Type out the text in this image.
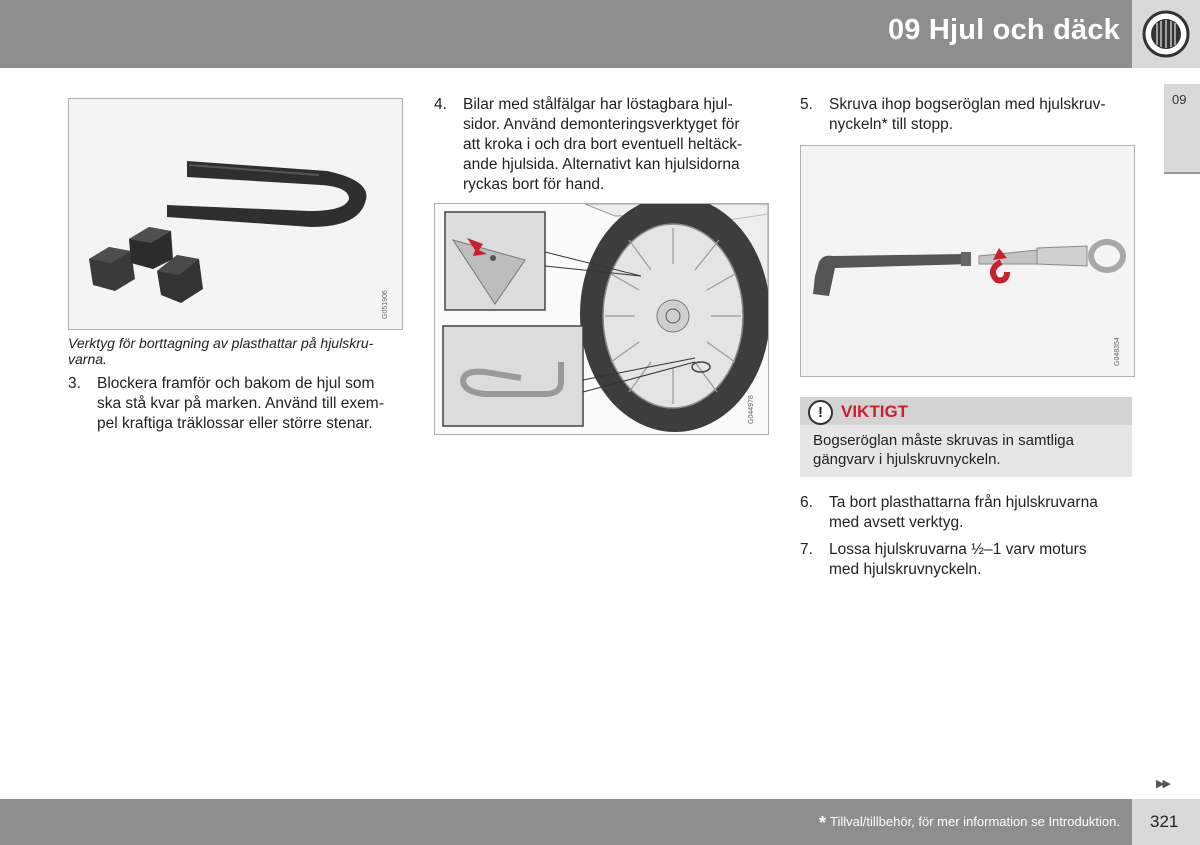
09 Hjul och däck
09
G051906
Verktyg för borttagning av plasthattar på hjulskru-
varna.
3. Blockera framför och bakom de hjul som
ska stå kvar på marken. Använd till exem-
pel kraftiga träklossar eller större stenar.
4. Bilar med stålfälgar har löstagbara hjul-
sidor. Använd demonteringsverktyget för
att kroka i och dra bort eventuell heltäck-
ande hjulsida. Alternativt kan hjulsidorna
ryckas bort för hand.
G044978
5. Skruva ihop bogseröglan med hjulskruv-
nyckeln* till stopp.
G048354
!	VIKTIGT
Bogseröglan måste skruvas in samtliga
gängvarv i hjulskruvnyckeln.
6. Ta bort plasthattarna från hjulskruvarna
med avsett verktyg.
7. Lossa hjulskruvarna ½–1 varv moturs
med hjulskruvnyckeln.
▶▶
* Tillval/tillbehör, för mer information se Introduktion. 321
